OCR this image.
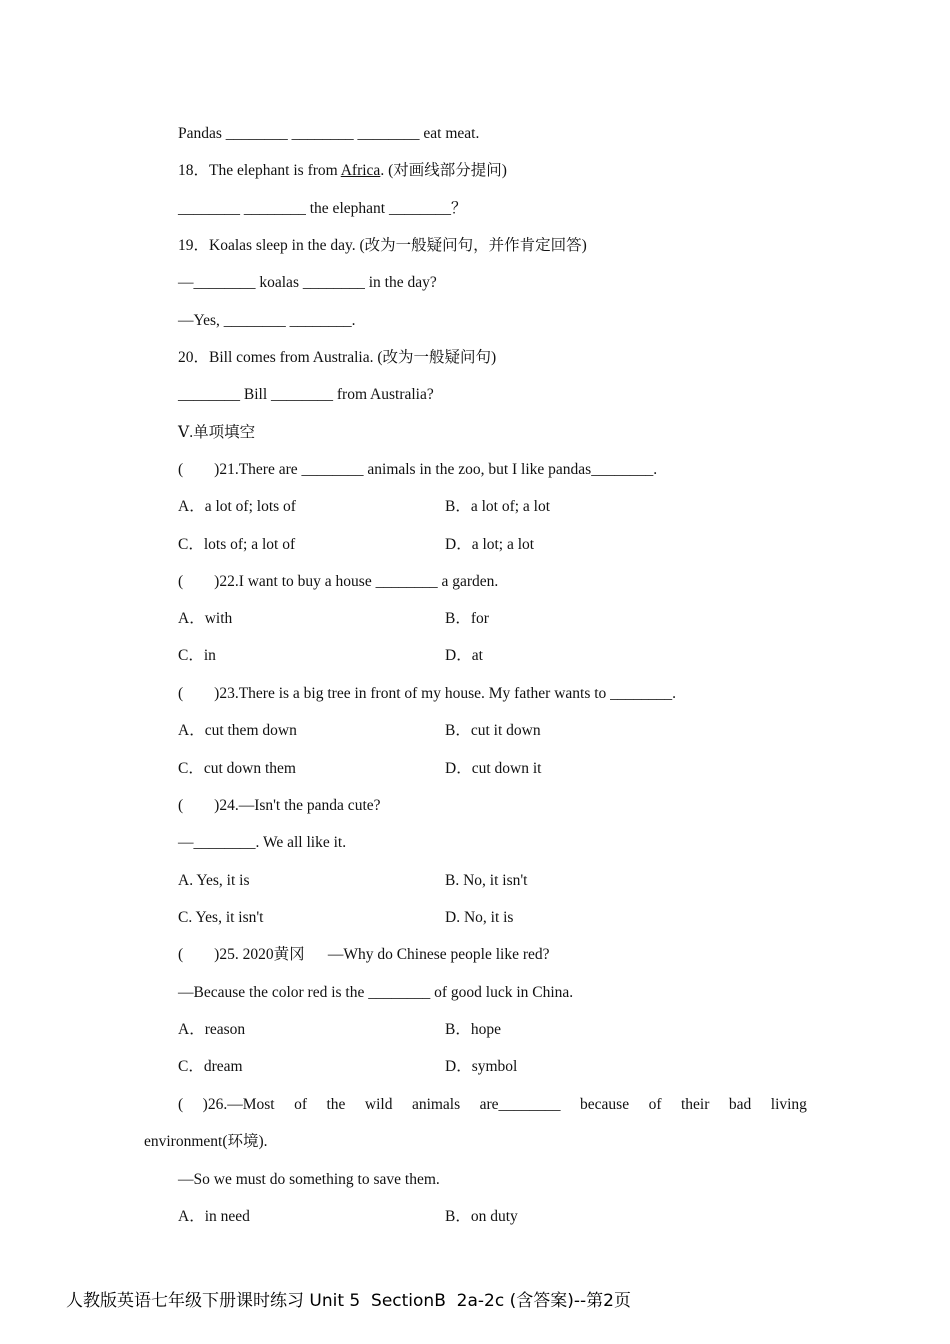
Pandas ________ ________ ________ eat meat.
18．The elephant is from Africa. (对画线部分提问)
________ ________ the elephant ________？
19．Koalas sleep in the day. (改为一般疑问句，并作肯定回答)
—________ koalas ________ in the day?
—Yes, ________ ________.
20．Bill comes from Australia. (改为一般疑问句)
________ Bill ________ from Australia?
Ⅴ.单项填空
(        )21.There are ________ animals in the zoo, but I like pandas________.
A．a lot of; lots of	B．a lot of; a lot
C．lots of; a lot of	D．a lot; a lot
(        )22.I want to buy a house ________ a garden.
A．with	B．for
C．in	D．at
(        )23.There is a big tree in front of my house. My father wants to ________.
A．cut them down	B．cut it down
C．cut down them	D．cut down it
(        )24.—Isn't the panda cute?
—________. We all like it.
A. Yes, it is	B. No, it isn't
C. Yes, it isn't	D. No, it is
(        )25. 2020黄冈      —Why do Chinese people like red?
—Because the color red is the ________ of good luck in China.
A．reason	B．hope
C．dream	D．symbol
( )26.—Most of the wild animals are________ because of their bad living
environment(环境).
—So we must do something to save them.
A．in need	B．on duty
人教版英语七年级下册课时练习 Unit 5  SectionB  2a-2c (含答案)--第2页
